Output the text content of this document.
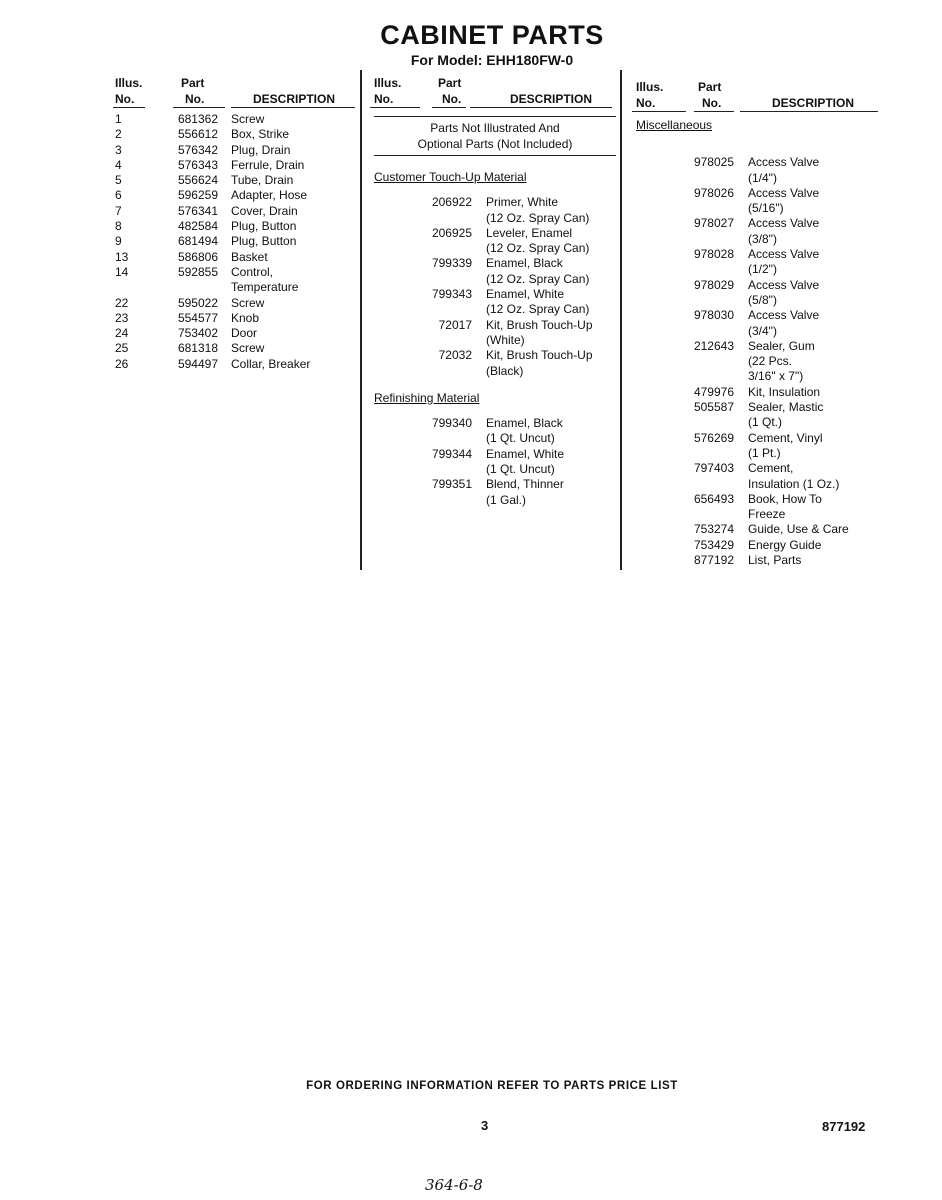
CABINET PARTS
For Model: EHH180FW-0
Illus.
No.
Part
No.	DESCRIPTION
1	681362 Screw
2	556612 Box, Strike
3	576342 Plug, Drain
4	576343 Ferrule, Drain
5	556624 Tube, Drain
6	596259 Adapter, Hose
7	576341 Cover, Drain
8	482584 Plug, Button
9	681494 Plug, Button
13	586806 Basket
14	592855 Control,
Temperature
22	595022 Screw
23	554577 Knob
24	753402 Door
25	681318 Screw
26	594497 Collar, Breaker
Illus.
No.
Part
No.	DESCRIPTION
Parts Not Illustrated And
Optional Parts (Not Included)
Customer Touch-Up Material
206922 Primer, White
(12 Oz. Spray Can)
206925 Leveler, Enamel
(12 Oz. Spray Can)
799339 Enamel, Black
(12 Oz. Spray Can)
799343 Enamel, White
(12 Oz. Spray Can)
72017 Kit, Brush Touch-Up
(White)
72032 Kit, Brush Touch-Up
(Black)
Refinishing Material
799340 Enamel, Black
(1 Qt. Uncut)
799344 Enamel, White
(1 Qt. Uncut)
799351 Blend, Thinner
(1 Gal.)
Illus.
No.
Part
No.	DESCRIPTION
Miscellaneous
978025 Access Valve
(1/4")
978026 Access Valve
(5/16")
978027 Access Valve
(3/8")
978028 Access Valve
(1/2")
978029 Access Valve
(5/8")
978030 Access Valve
(3/4")
212643 Sealer, Gum
(22 Pcs.
3/16" x 7")
479976 Kit, Insulation
505587 Sealer, Mastic
(1 Qt.)
576269 Cement, Vinyl
(1 Pt.)
797403 Cement,
Insulation (1 Oz.)
656493 Book, How To
Freeze
753274 Guide, Use & Care
753429 Energy Guide
877192 List, Parts
FOR ORDERING INFORMATION REFER TO PARTS PRICE LIST
3	877192
364-6-8
